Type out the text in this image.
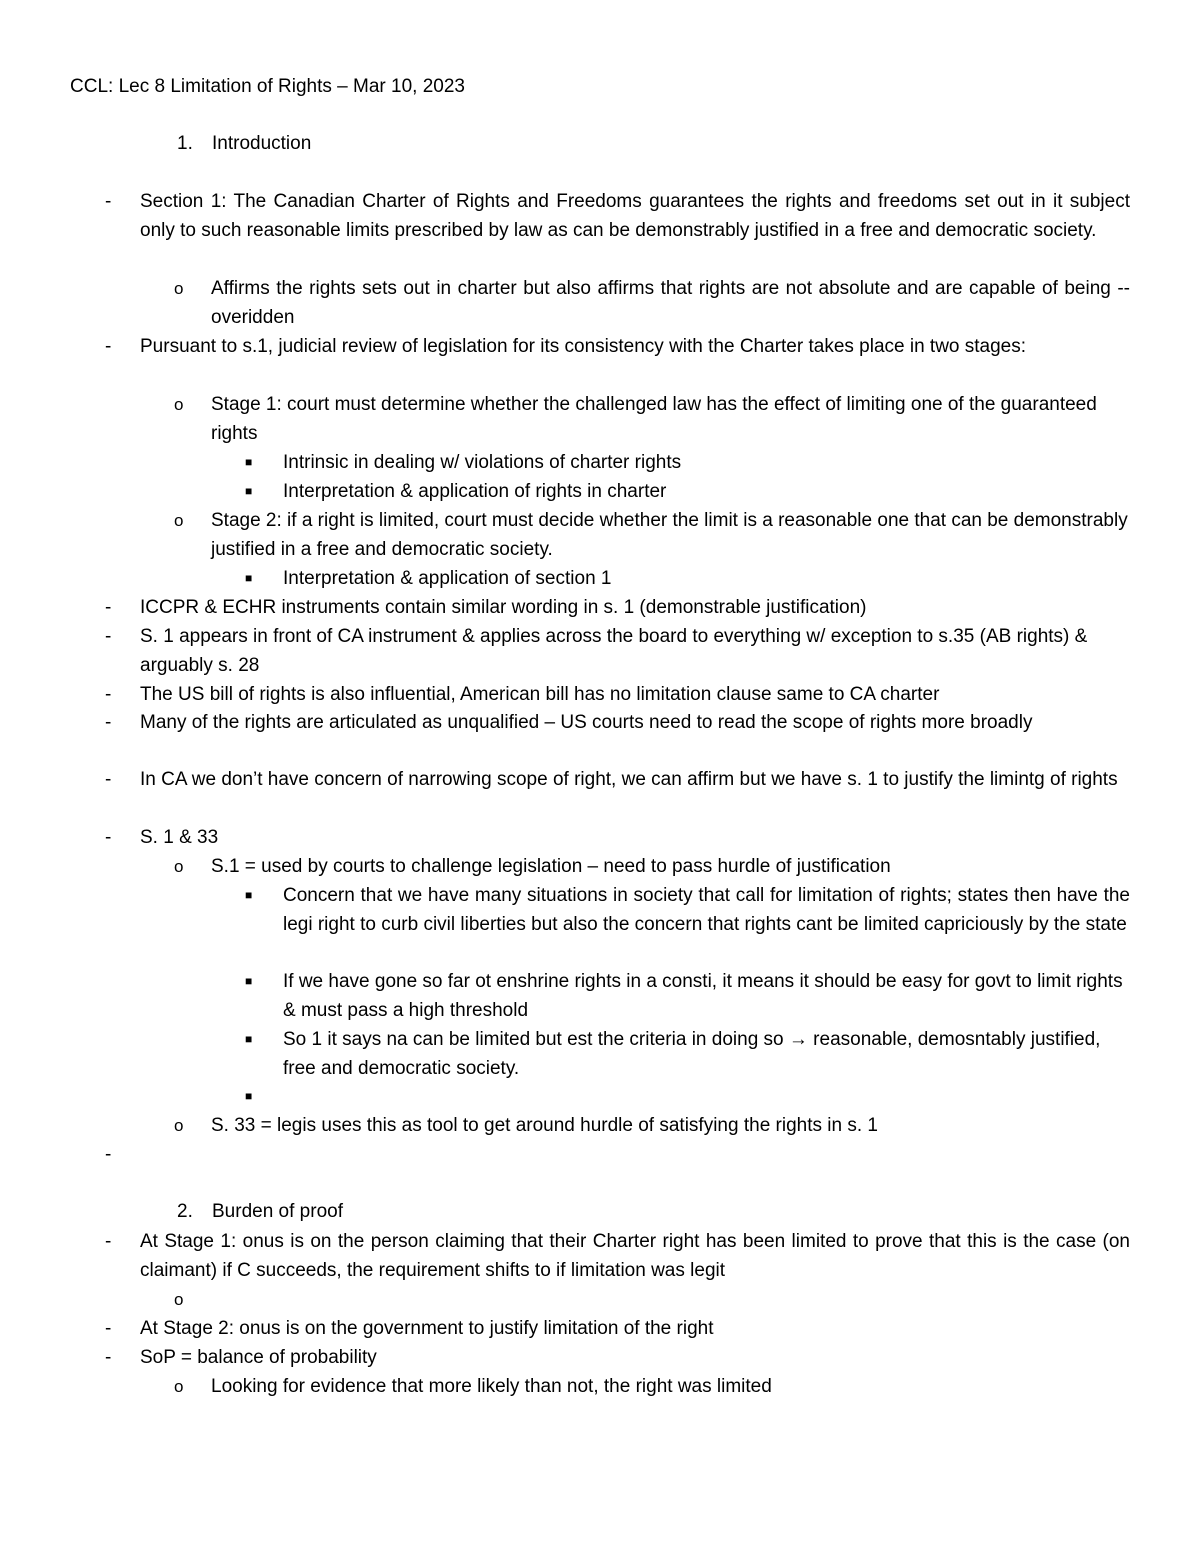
CCL: Lec 8 Limitation of Rights – Mar 10, 2023
1. Introduction
- Section 1: The Canadian Charter of Rights and Freedoms guarantees the rights and freedoms set out in it subject only to such reasonable limits prescribed by law as can be demonstrably justified in a free and democratic society.
o Affirms the rights sets out in charter but also affirms that rights are not absolute and are capable of being -- overidden
- Pursuant to s.1, judicial review of legislation for its consistency with the Charter takes place in two stages:
o Stage 1: court must determine whether the challenged law has the effect of limiting one of the guaranteed rights
■ Intrinsic in dealing w/ violations of charter rights
■ Interpretation & application of rights in charter
o Stage 2: if a right is limited, court must decide whether the limit is a reasonable one that can be demonstrably justified in a free and democratic society.
■ Interpretation & application of section 1
- ICCPR & ECHR instruments contain similar wording in s. 1 (demonstrable justification)
- S. 1 appears in front of CA instrument & applies across the board to everything w/ exception to s.35 (AB rights) & arguably s. 28
- The US bill of rights is also influential, American bill has no limitation clause same to CA charter
- Many of the rights are articulated as unqualified – US courts need to read the scope of rights more broadly
- In CA we don’t have concern of narrowing scope of right, we can affirm but we have s. 1 to justify the limintg of rights
- S. 1 & 33
o S.1 = used by courts to challenge legislation – need to pass hurdle of justification
■ Concern that we have many situations in society that call for limitation of rights; states then have the legi right to curb civil liberties but also the concern that rights cant be limited capriciously by the state
■ If we have gone so far ot enshrine rights in a consti, it means it should be easy for govt to limit rights & must pass a high threshold
■ So 1 it says na can be limited but est the criteria in doing so → reasonable, demosntably justified, free and democratic society.
■
o S. 33 = legis uses this as tool to get around hurdle of satisfying the rights in s. 1
-
2. Burden of proof
- At Stage 1: onus is on the person claiming that their Charter right has been limited to prove that this is the case (on claimant) if C succeeds, the requirement shifts to if limitation was legit
o
- At Stage 2: onus is on the government to justify limitation of the right
- SoP = balance of probability
o Looking for evidence that more likely than not, the right was limited
